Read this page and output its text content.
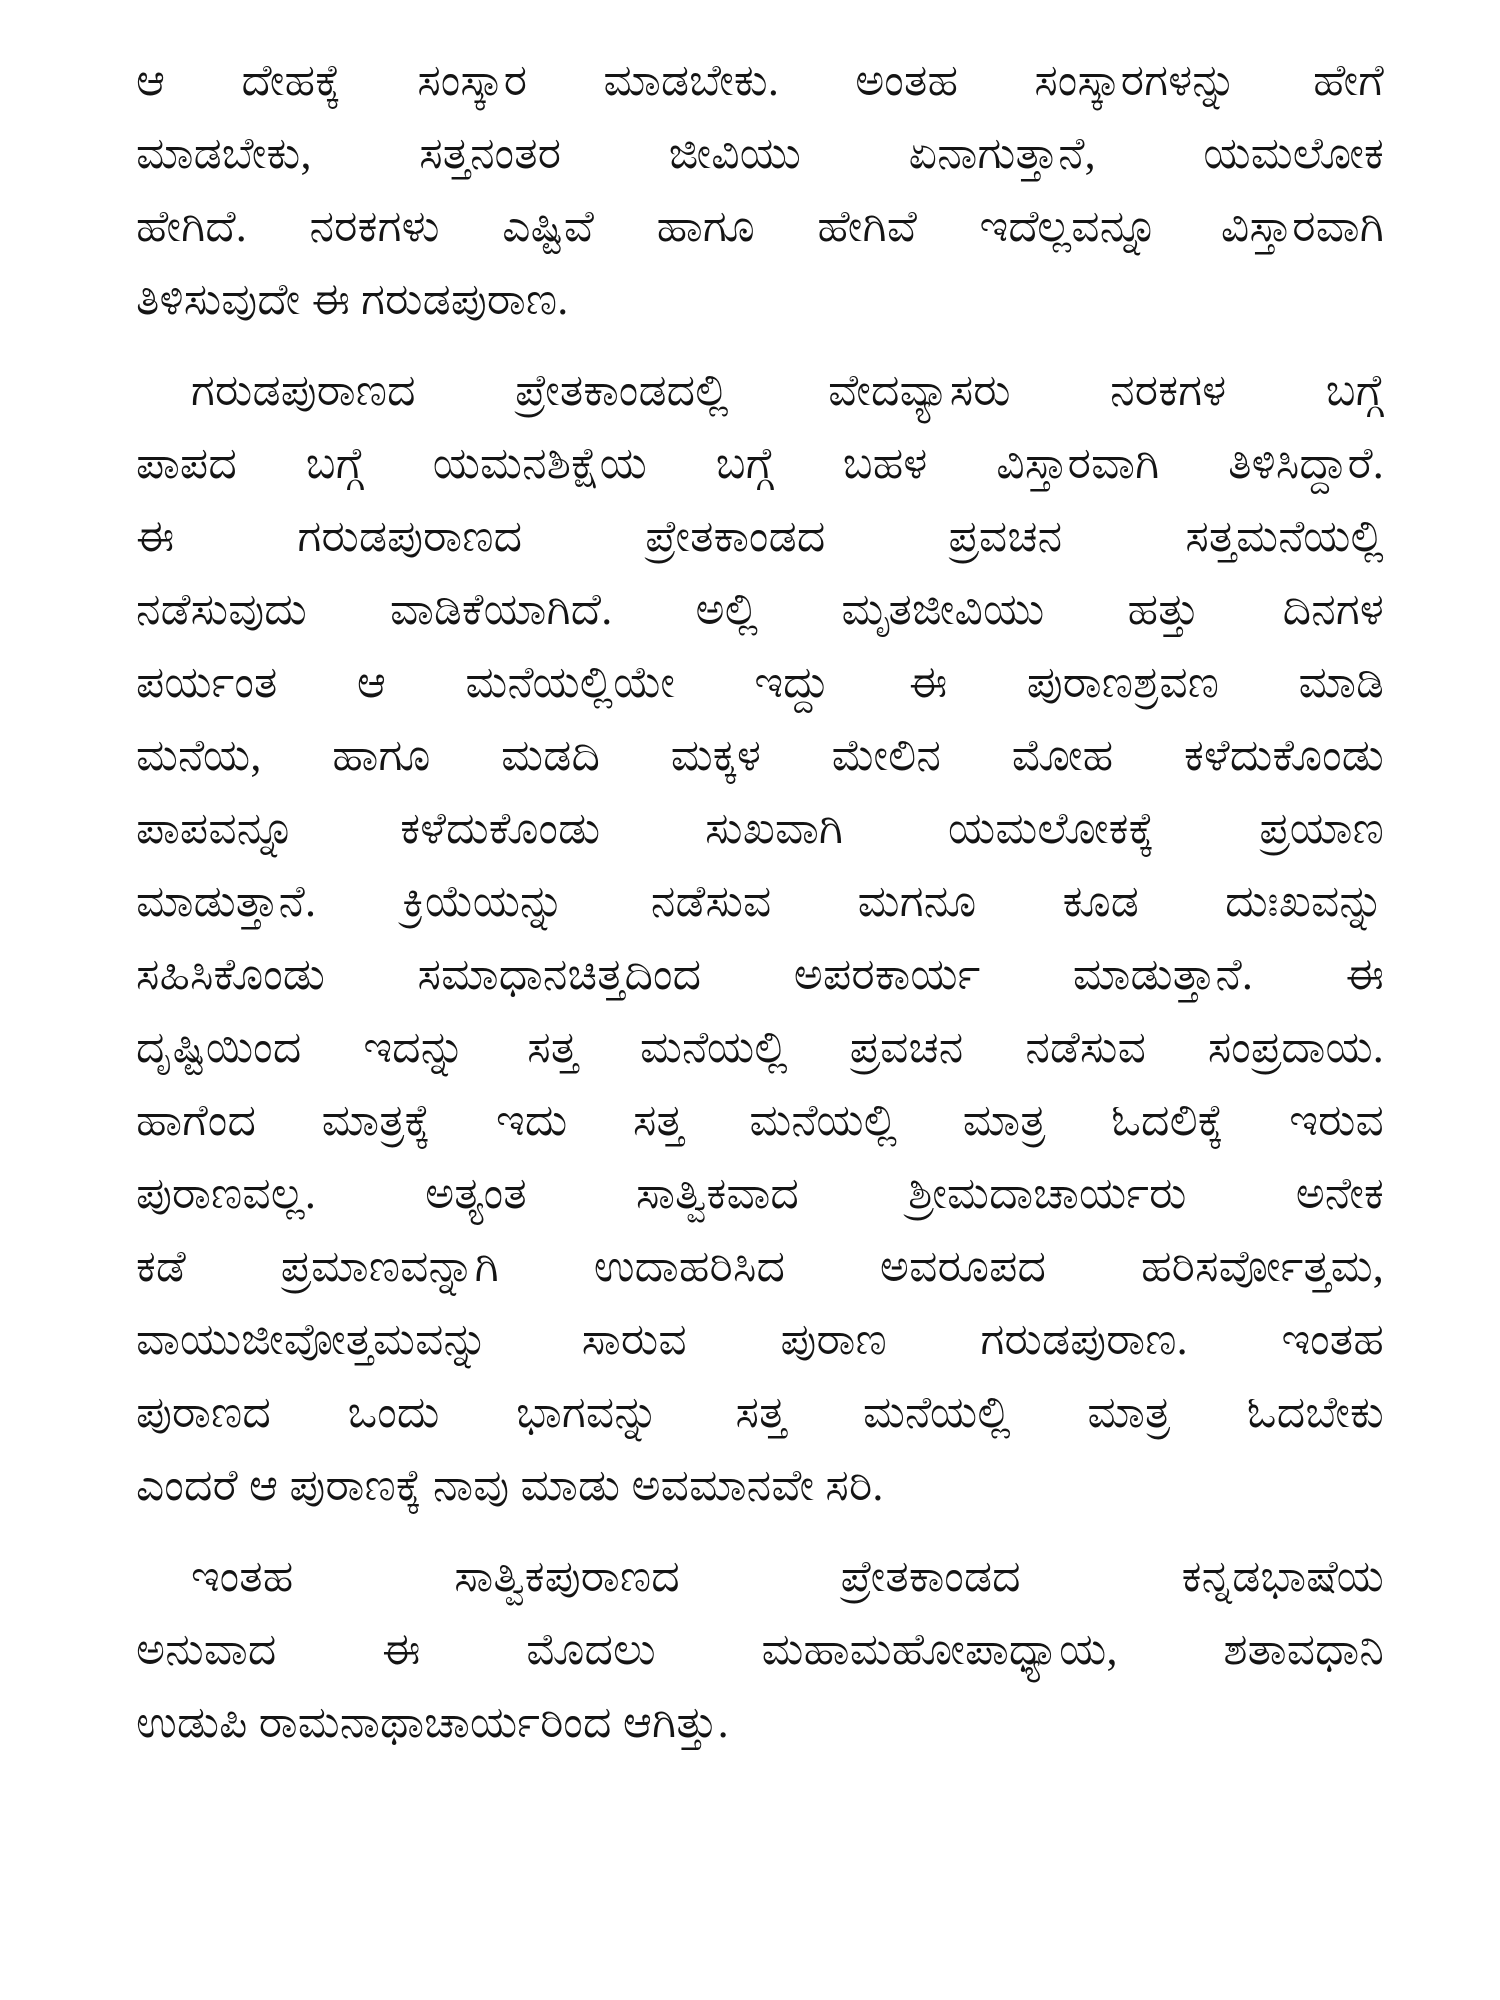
ಆ ದೇಹಕ್ಕೆ ಸಂಸ್ಕಾರ ಮಾಡಬೇಕು. ಅಂತಹ ಸಂಸ್ಕಾರಗಳನ್ನು ಹೇಗೆ
ಮಾಡಬೇಕು, ಸತ್ತನಂತರ ಜೀವಿಯು ಏನಾಗುತ್ತಾನೆ, ಯಮಲೋಕ
ಹೇಗಿದೆ. ನರಕಗಳು ಎಷ್ಟಿವೆ ಹಾಗೂ ಹೇಗಿವೆ ಇದೆಲ್ಲವನ್ನೂ ವಿಸ್ತಾರವಾಗಿ
ತಿಳಿಸುವುದೇ ಈ ಗರುಡಪುರಾಣ.
ಗರುಡಪುರಾಣದ ಪ್ರೇತಕಾಂಡದಲ್ಲಿ ವೇದವ್ಯಾಸರು ನರಕಗಳ ಬಗ್ಗೆ
ಪಾಪದ ಬಗ್ಗೆ ಯಮನಶಿಕ್ಷೆಯ ಬಗ್ಗೆ ಬಹಳ ವಿಸ್ತಾರವಾಗಿ ತಿಳಿಸಿದ್ದಾರೆ.
ಈ ಗರುಡಪುರಾಣದ ಪ್ರೇತಕಾಂಡದ ಪ್ರವಚನ ಸತ್ತಮನೆಯಲ್ಲಿ
ನಡೆಸುವುದು ವಾಡಿಕೆಯಾಗಿದೆ. ಅಲ್ಲಿ ಮೃತಜೀವಿಯು ಹತ್ತು ದಿನಗಳ
ಪರ್ಯಂತ ಆ ಮನೆಯಲ್ಲಿಯೇ ಇದ್ದು ಈ ಪುರಾಣಶ್ರವಣ ಮಾಡಿ
ಮನೆಯ, ಹಾಗೂ ಮಡದಿ ಮಕ್ಕಳ ಮೇಲಿನ ಮೋಹ ಕಳೆದುಕೊಂಡು
ಪಾಪವನ್ನೂ ಕಳೆದುಕೊಂಡು ಸುಖವಾಗಿ ಯಮಲೋಕಕ್ಕೆ ಪ್ರಯಾಣ
ಮಾಡುತ್ತಾನೆ. ಕ್ರಿಯೆಯನ್ನು ನಡೆಸುವ ಮಗನೂ ಕೂಡ ದುಃಖವನ್ನು
ಸಹಿಸಿಕೊಂಡು ಸಮಾಧಾನಚಿತ್ತದಿಂದ ಅಪರಕಾರ್ಯ ಮಾಡುತ್ತಾನೆ. ಈ
ದೃಷ್ಟಿಯಿಂದ ಇದನ್ನು ಸತ್ತ ಮನೆಯಲ್ಲಿ ಪ್ರವಚನ ನಡೆಸುವ ಸಂಪ್ರದಾಯ.
ಹಾಗೆಂದ ಮಾತ್ರಕ್ಕೆ ಇದು ಸತ್ತ ಮನೆಯಲ್ಲಿ ಮಾತ್ರ ಓದಲಿಕ್ಕೆ ಇರುವ
ಪುರಾಣವಲ್ಲ. ಅತ್ಯಂತ ಸಾತ್ವಿಕವಾದ ಶ್ರೀಮದಾಚಾರ್ಯರು ಅನೇಕ
ಕಡೆ ಪ್ರಮಾಣವನ್ನಾಗಿ ಉದಾಹರಿಸಿದ ಅವರೂಪದ ಹರಿಸರ್ವೋತ್ತಮ,
ವಾಯುಜೀವೋತ್ತಮವನ್ನು ಸಾರುವ ಪುರಾಣ ಗರುಡಪುರಾಣ. ಇಂತಹ
ಪುರಾಣದ ಒಂದು ಭಾಗವನ್ನು ಸತ್ತ ಮನೆಯಲ್ಲಿ ಮಾತ್ರ ಓದಬೇಕು
ಎಂದರೆ ಆ ಪುರಾಣಕ್ಕೆ ನಾವು ಮಾಡು ಅವಮಾನವೇ ಸರಿ.
ಇಂತಹ ಸಾತ್ವಿಕಪುರಾಣದ ಪ್ರೇತಕಾಂಡದ ಕನ್ನಡಭಾಷೆಯ
ಅನುವಾದ ಈ ಮೊದಲು ಮಹಾಮಹೋಪಾಧ್ಯಾಯ, ಶತಾವಧಾನಿ
ಉಡುಪಿ ರಾಮನಾಥಾಚಾರ್ಯರಿಂದ ಆಗಿತ್ತು.
